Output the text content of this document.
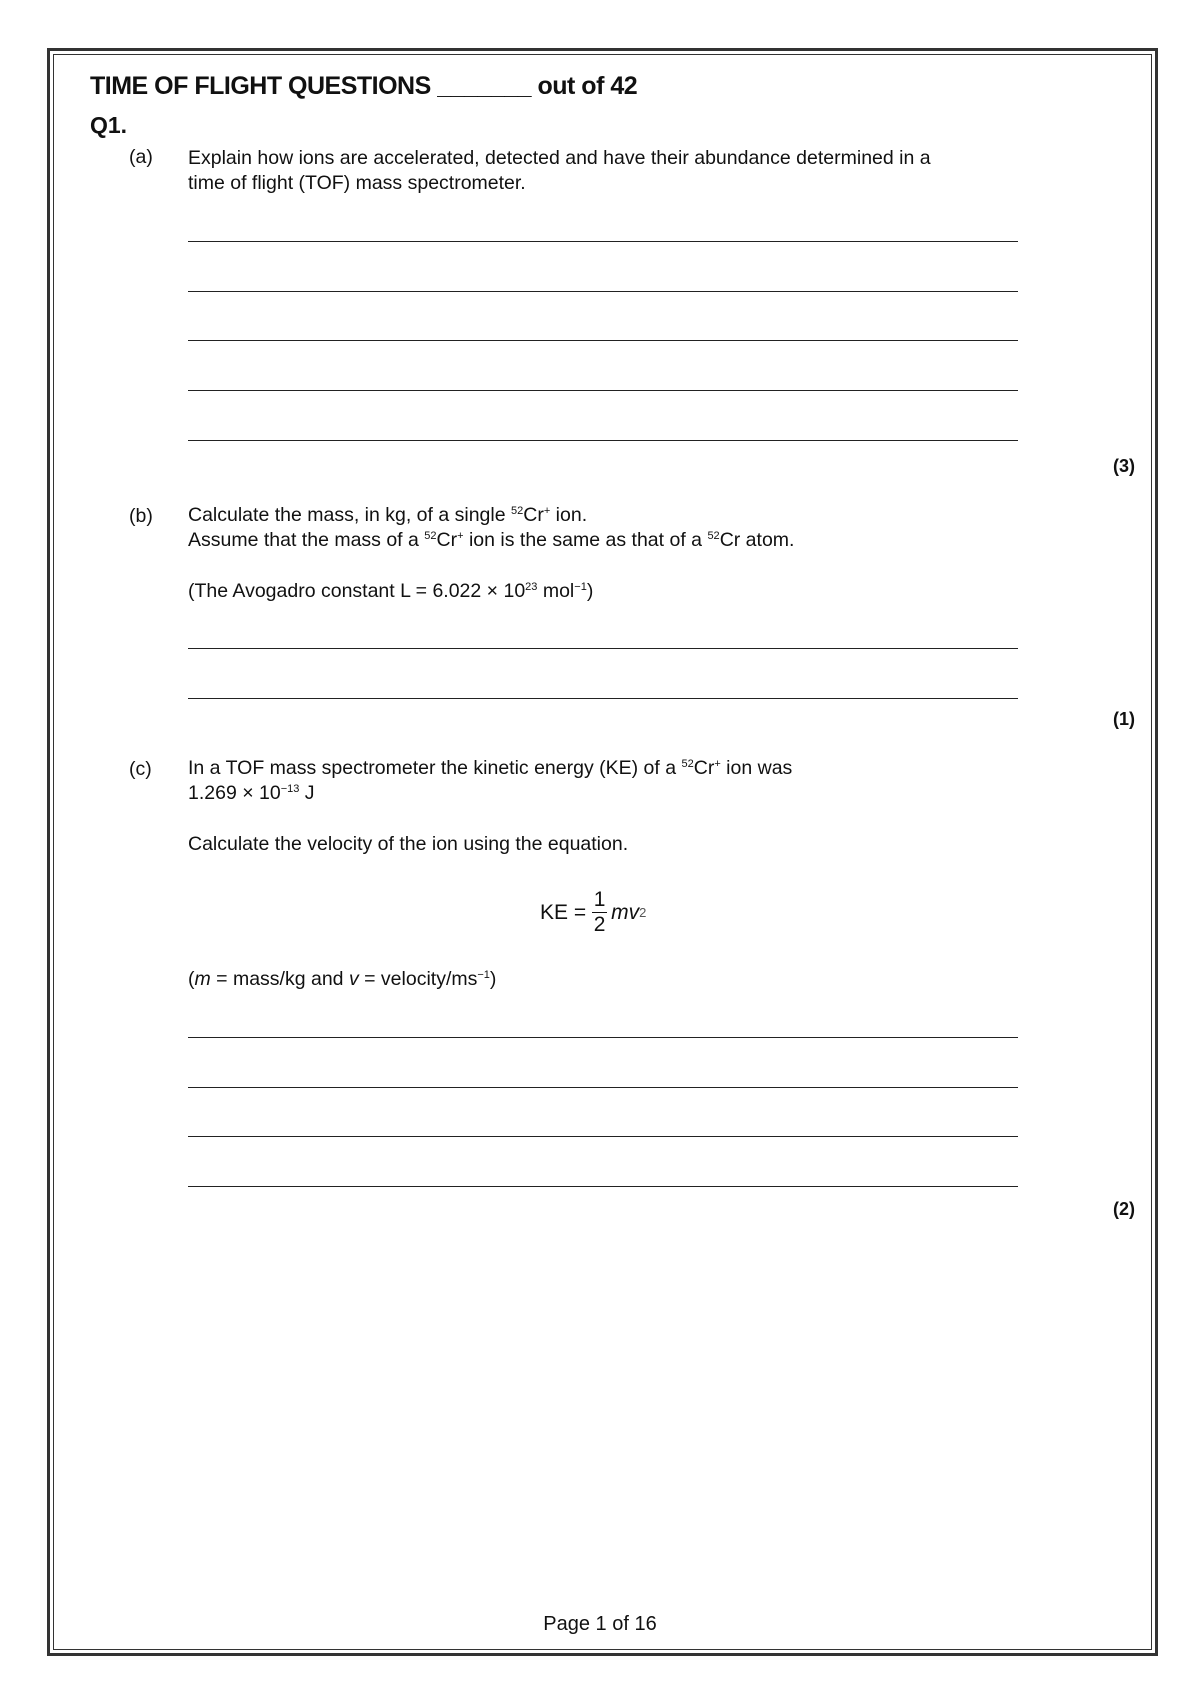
TIME OF FLIGHT QUESTIONS _______ out of 42
Q1.
(a) Explain how ions are accelerated, detected and have their abundance determined in a
time of flight (TOF) mass spectrometer.
(3)
(b) Calculate the mass, in kg, of a single $^{52}$Cr+ ion.
Assume that the mass of a $^{52}$Cr+ ion is the same as that of a $^{52}$Cr atom.
(The Avogadro constant $L = 6.022 \times 10^{23}$ mol$^{-1}$)
(1)
(c) In a TOF mass spectrometer the kinetic energy (KE) of a $^{52}$Cr+ ion was
$1.269 \times 10^{-13}$ J
Calculate the velocity of the ion using the equation.
KE = $\frac{1}{2}$ mv 2
(m = mass/kg and v = velocity/$ms^{-1}$)
(2)
Page 1 of 16
